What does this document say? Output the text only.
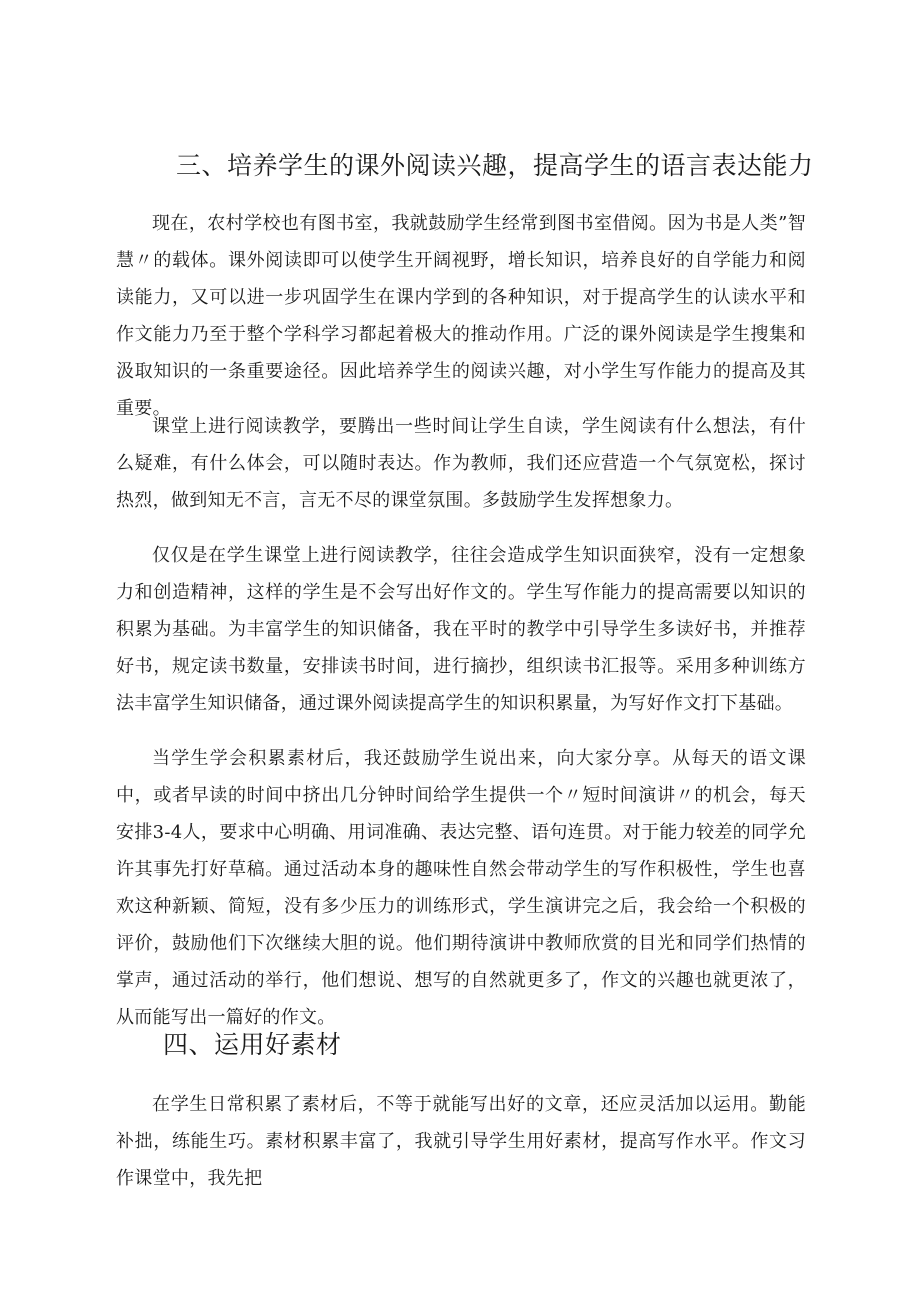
三、培养学生的课外阅读兴趣，提高学生的语言表达能力

现在，农村学校也有图书室，我就鼓励学生经常到图书室借阅。因为书是人类”智慧〃的载体。课外阅读即可以使学生开阔视野，增长知识，培养良好的自学能力和阅读能力，又可以进一步巩固学生在课内学到的各种知识，对于提高学生的认读水平和作文能力乃至于整个学科学习都起着极大的推动作用。广泛的课外阅读是学生搜集和汲取知识的一条重要途径。因此培养学生的阅读兴趣，对小学生写作能力的提高及其重要。

课堂上进行阅读教学，要腾出一些时间让学生自读，学生阅读有什么想法，有什么疑难，有什么体会，可以随时表达。作为教师，我们还应营造一个气氛宽松，探讨热烈，做到知无不言，言无不尽的课堂氛围。多鼓励学生发挥想象力。

仅仅是在学生课堂上进行阅读教学，往往会造成学生知识面狭窄，没有一定想象力和创造精神，这样的学生是不会写出好作文的。学生写作能力的提高需要以知识的积累为基础。为丰富学生的知识储备，我在平时的教学中引导学生多读好书，并推荐好书，规定读书数量，安排读书时间，进行摘抄，组织读书汇报等。采用多种训练方法丰富学生知识储备，通过课外阅读提高学生的知识积累量，为写好作文打下基础。

当学生学会积累素材后，我还鼓励学生说出来，向大家分享。从每天的语文课中，或者早读的时间中挤出几分钟时间给学生提供一个〃短时间演讲〃的机会，每天安排3-4人，要求中心明确、用词准确、表达完整、语句连贯。对于能力较差的同学允许其事先打好草稿。通过活动本身的趣味性自然会带动学生的写作积极性，学生也喜欢这种新颖、简短，没有多少压力的训练形式，学生演讲完之后，我会给一个积极的评价，鼓励他们下次继续大胆的说。他们期待演讲中教师欣赏的目光和同学们热情的掌声，通过活动的举行，他们想说、想写的自然就更多了，作文的兴趣也就更浓了，从而能写出一篇好的作文。

四、运用好素材

在学生日常积累了素材后，不等于就能写出好的文章，还应灵活加以运用。勤能补拙，练能生巧。素材积累丰富了，我就引导学生用好素材，提高写作水平。作文习作课堂中，我先把
